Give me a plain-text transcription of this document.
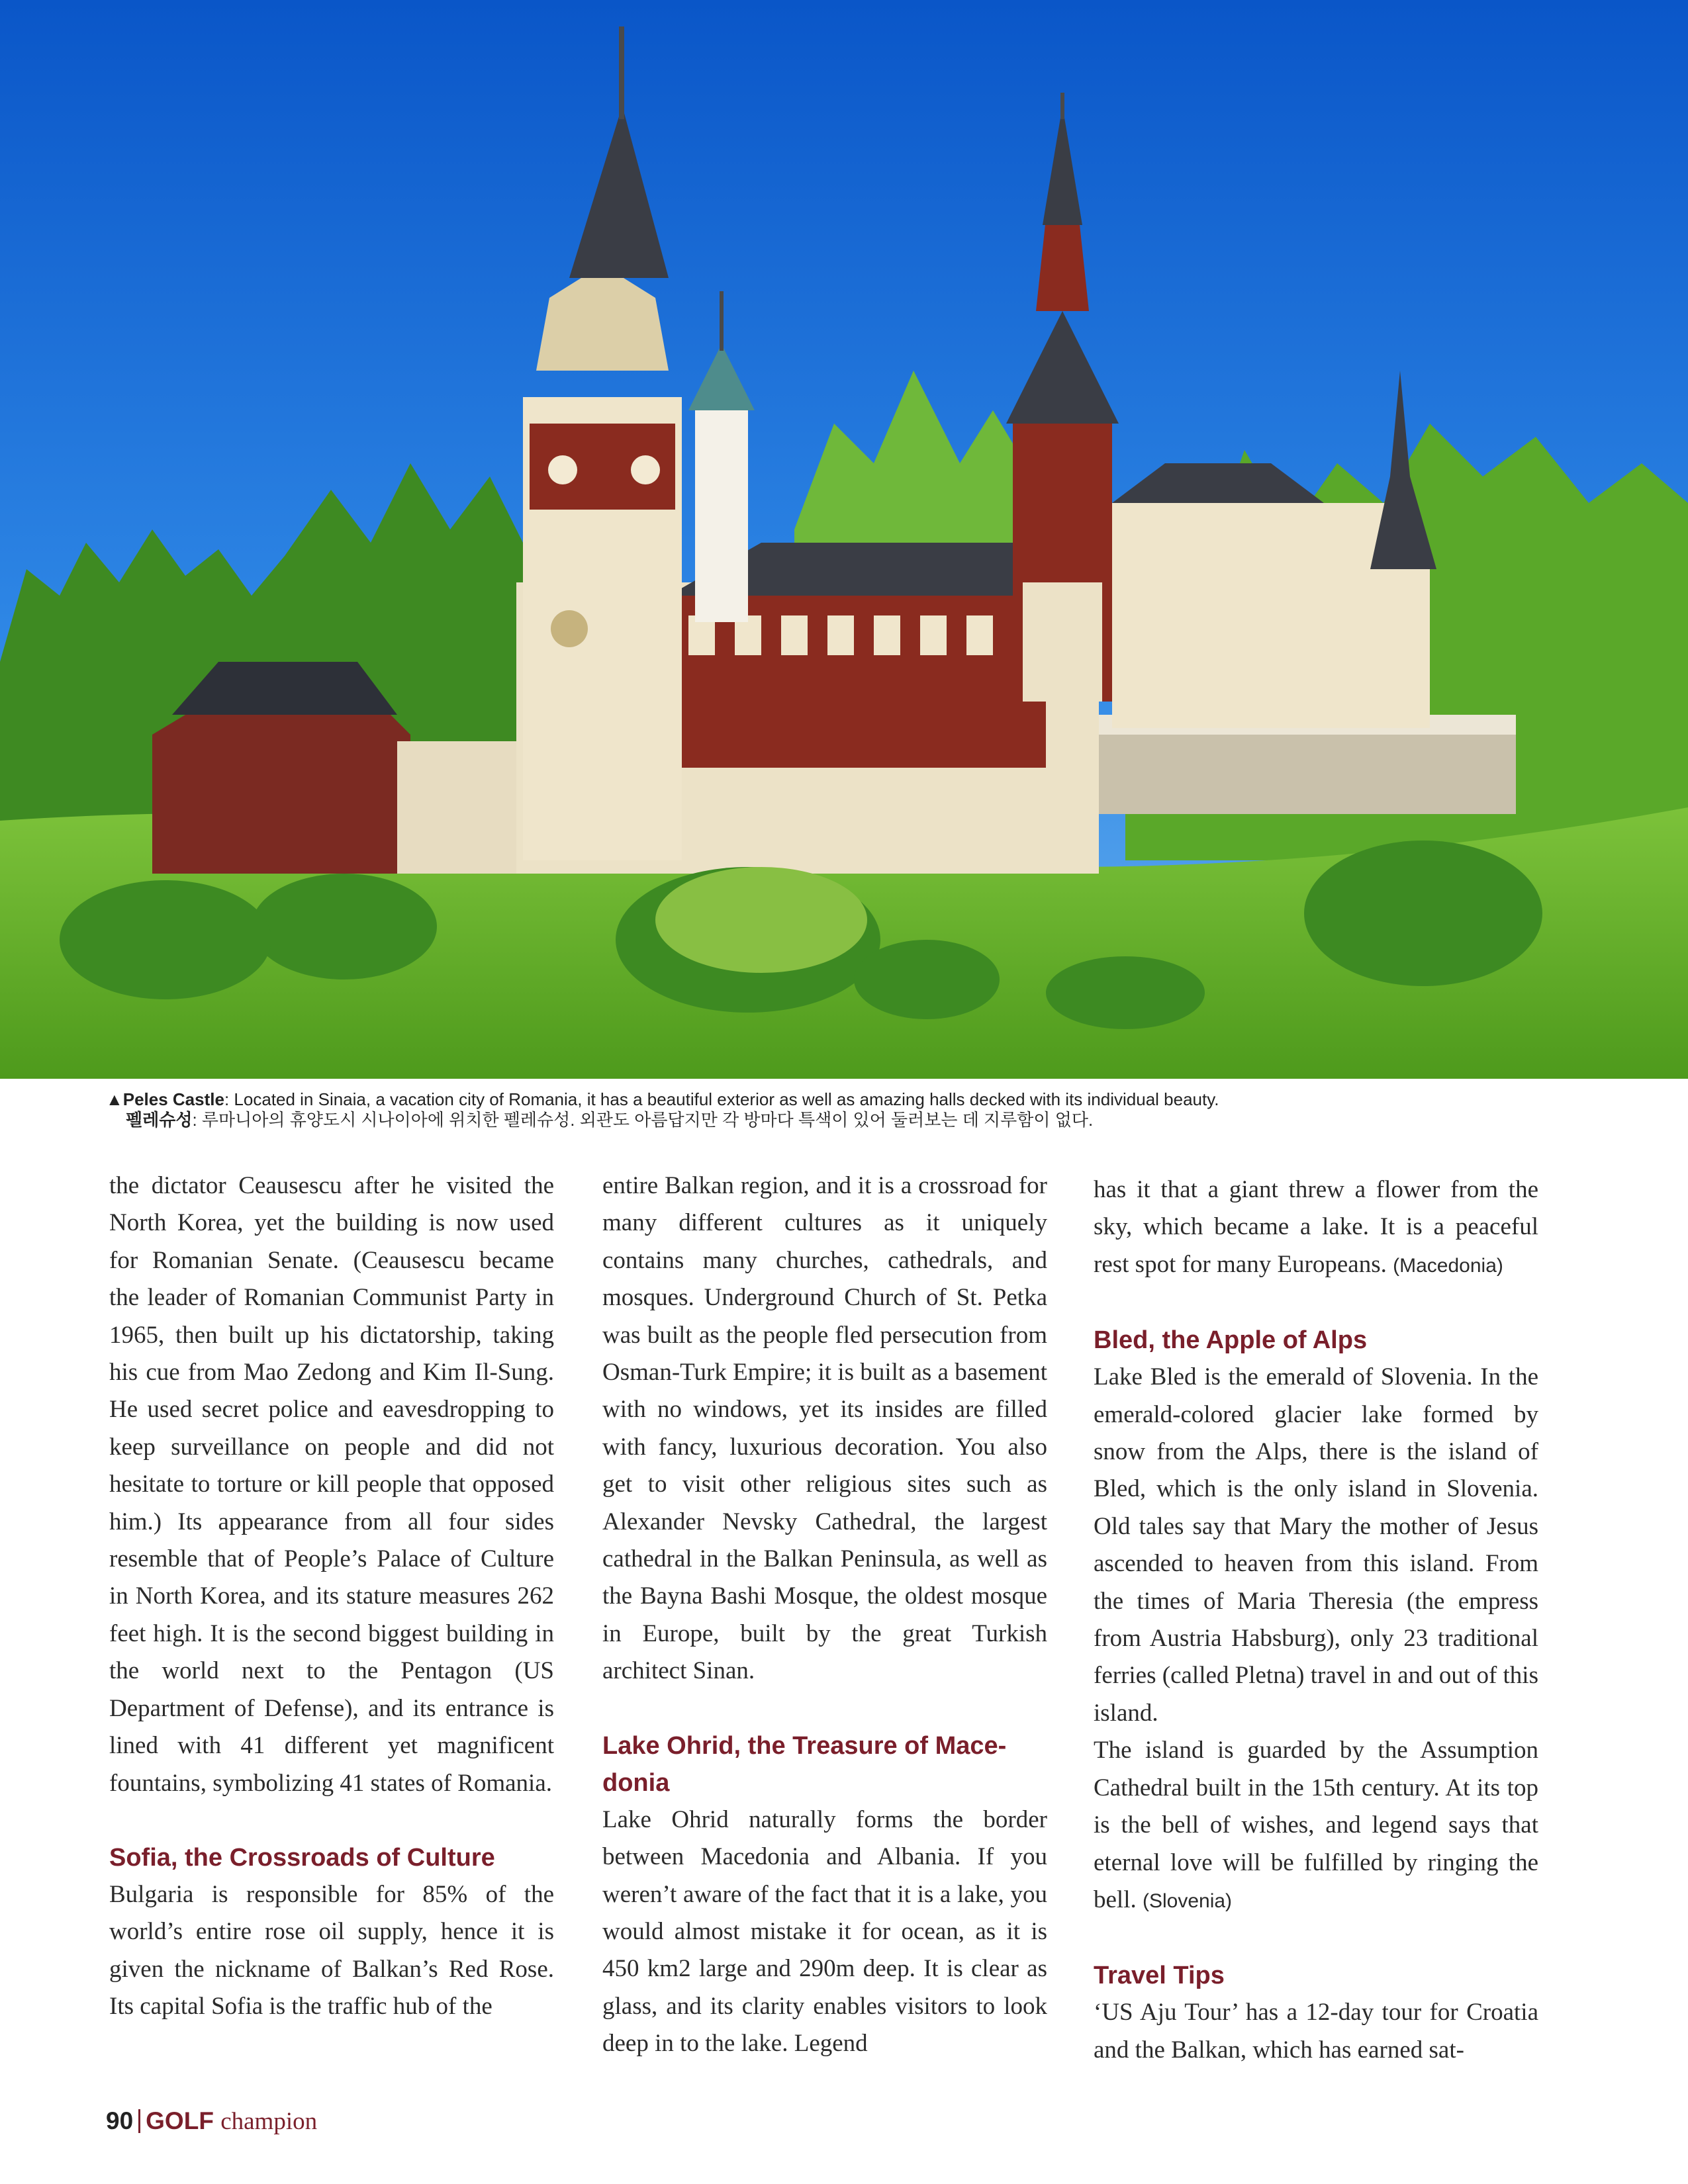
▲Peles Castle: Located in Sinaia, a vacation city of Romania, it has a beautiful exterior as well as amazing halls decked with its individual beauty.
펠레슈성: 루마니아의 휴양도시 시나이아에 위치한 펠레슈성. 외관도 아름답지만 각 방마다 특색이 있어 둘러보는 데 지루함이 없다.

the dictator Ceausescu after he visited the North Korea, yet the building is now used for Romanian Senate. (Ceausescu became the leader of Romanian Communist Party in 1965, then built up his dictatorship, taking his cue from Mao Zedong and Kim Il-Sung. He used secret police and eavesdropping to keep surveillance on people and did not hesitate to torture or kill people that opposed him.) Its appearance from all four sides resemble that of People’s Palace of Culture in North Korea, and its stature measures 262 feet high. It is the second biggest building in the world next to the Pentagon (US Department of Defense), and its entrance is lined with 41 different yet magnificent fountains, symbolizing 41 states of Romania.

Sofia, the Crossroads of Culture

Bulgaria is responsible for 85% of the world’s entire rose oil supply, hence it is given the nickname of Balkan’s Red Rose. Its capital Sofia is the traffic hub of the

entire Balkan region, and it is a crossroad for many different cultures as it uniquely contains many churches, cathedrals, and mosques. Underground Church of St. Petka was built as the people fled persecution from Osman-Turk Empire; it is built as a basement with no windows, yet its insides are filled with fancy, luxurious decoration. You also get to visit other religious sites such as Alexander Nevsky Cathedral, the largest cathedral in the Balkan Peninsula, as well as the Bayna Bashi Mosque, the oldest mosque in Europe, built by the great Turkish architect Sinan.

Lake Ohrid, the Treasure of Macedonia

Lake Ohrid naturally forms the border between Macedonia and Albania. If you weren’t aware of the fact that it is a lake, you would almost mistake it for ocean, as it is 450 km2 large and 290m deep. It is clear as glass, and its clarity enables visitors to look deep in to the lake. Legend

has it that a giant threw a flower from the sky, which became a lake. It is a peaceful rest spot for many Europeans. (Macedonia)

Bled, the Apple of Alps

Lake Bled is the emerald of Slovenia. In the emerald-colored glacier lake formed by snow from the Alps, there is the island of Bled, which is the only island in Slovenia. Old tales say that Mary the mother of Jesus ascended to heaven from this island. From the times of Maria Theresia (the empress from Austria Habsburg), only 23 traditional ferries (called Pletna) travel in and out of this island.

The island is guarded by the Assumption Cathedral built in the 15th century. At its top is the bell of wishes, and legend says that eternal love will be fulfilled by ringing the bell. (Slovenia)

Travel Tips

‘US Aju Tour’ has a 12-day tour for Croatia and the Balkan, which has earned sat-

90 GOLF champion
